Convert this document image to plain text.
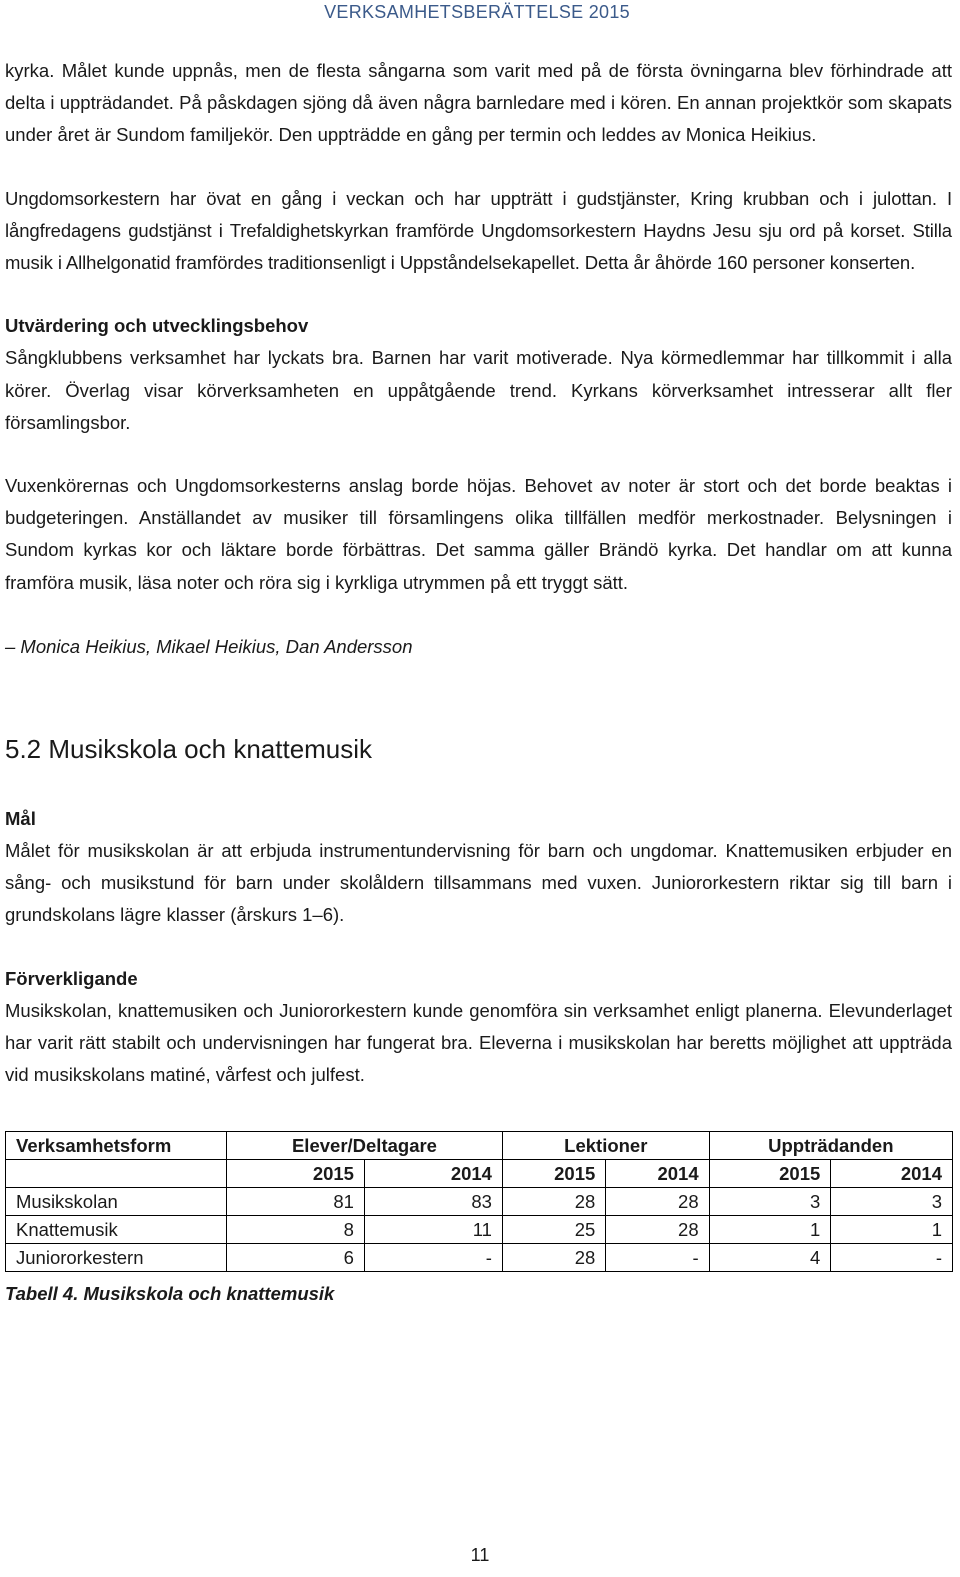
VERKSAMHETSBERÄTTELSE 2015

kyrka. Målet kunde uppnås, men de flesta sångarna som varit med på de första övningarna blev förhindrade att delta i uppträdandet. På påskdagen sjöng då även några barnledare med i kören. En annan projektkör som skapats under året är Sundom familjekör. Den uppträdde en gång per termin och leddes av Monica Heikius.

Ungdomsorkestern har övat en gång i veckan och har uppträtt i gudstjänster, Kring krubban och i julottan. I långfredagens gudstjänst i Trefaldighetskyrkan framförde Ungdomsorkestern Haydns Jesu sju ord på korset. Stilla musik i Allhelgonatid framfördes traditionsenligt i Uppståndelsekapellet. Detta år åhörde 160 personer konserten.

Utvärdering och utvecklingsbehov

Sångklubbens verksamhet har lyckats bra. Barnen har varit motiverade. Nya körmedlemmar har tillkommit i alla körer. Överlag visar körverksamheten en uppåtgående trend. Kyrkans körverksamhet intresserar allt fler församlingsbor.

Vuxenkörernas och Ungdomsorkesterns anslag borde höjas. Behovet av noter är stort och det borde beaktas i budgeteringen. Anställandet av musiker till församlingens olika tillfällen medför merkostnader. Belysningen i Sundom kyrkas kor och läktare borde förbättras. Det samma gäller Brändö kyrka. Det handlar om att kunna framföra musik, läsa noter och röra sig i kyrkliga utrymmen på ett tryggt sätt.

– Monica Heikius, Mikael Heikius, Dan Andersson
5.2 Musikskola och knattemusik
Mål

Målet för musikskolan är att erbjuda instrumentundervisning för barn och ungdomar. Knattemusiken erbjuder en sång- och musikstund för barn under skolåldern tillsammans med vuxen. Juniororkestern riktar sig till barn i grundskolans lägre klasser (årskurs 1–6).

Förverkligande

Musikskolan, knattemusiken och Juniororkestern kunde genomföra sin verksamhet enligt planerna. Elevunderlaget har varit rätt stabilt och undervisningen har fungerat bra. Eleverna i musikskolan har beretts möjlighet att uppträda vid musikskolans matiné, vårfest och julfest.

Verksamhetsform	Elever/Deltagare		Lektioner		Uppträdanden	
	2015	2014	2015	2014	2015	2014
Musikskolan	81	83	28	28	3	3
Knattemusik	8	11	25	28	1	1
Juniororkestern	6	-	28	-	4	-
Tabell 4. Musikskola och knattemusik
11
